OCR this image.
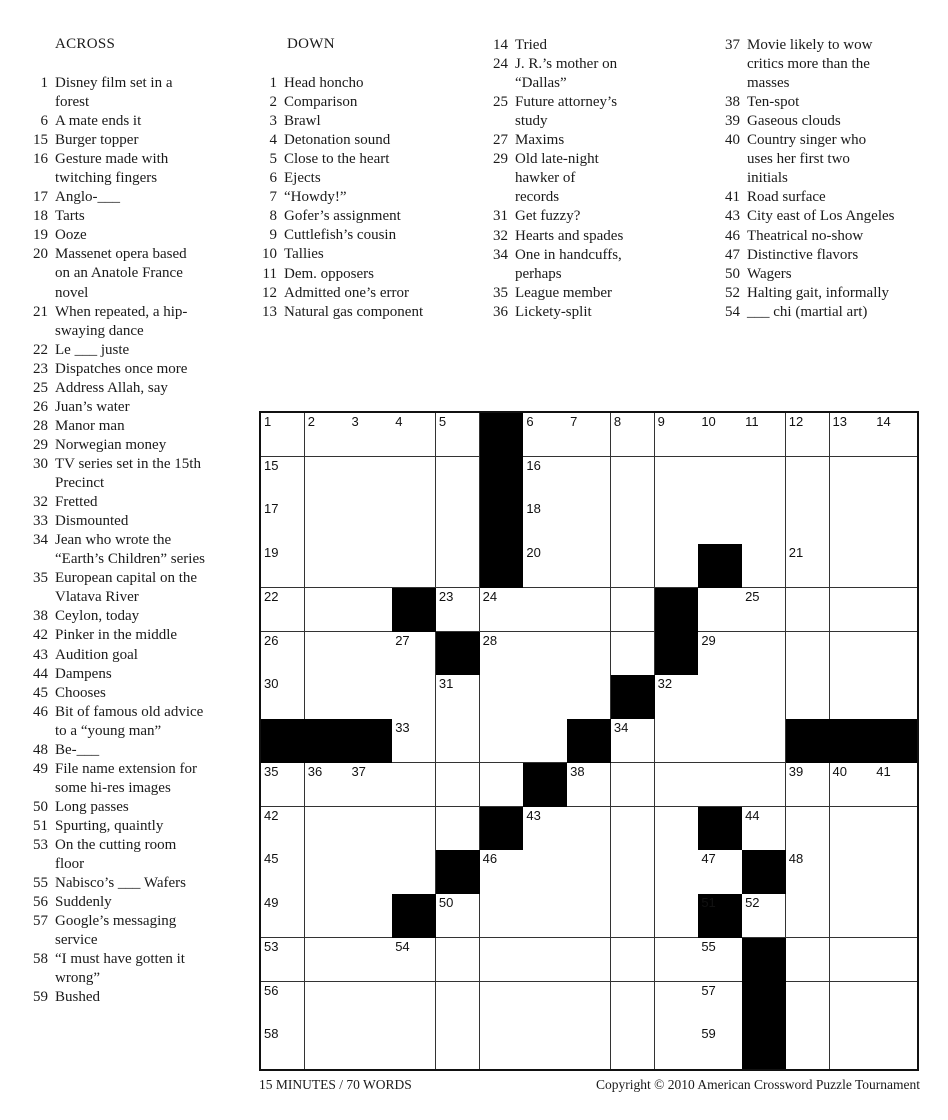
ACROSS	DOWN
1 Disney film set in a
forest
6 A mate ends it
15 Burger topper
16 Gesture made with
twitching fingers
17 Anglo-___
18 Tarts
19 Ooze
20 Massenet opera based
on an Anatole France
novel
21 When repeated, a hip-
swaying dance
22 Le ___ juste
23 Dispatches once more
25 Address Allah, say
26 Juan’s water
28 Manor man
29 Norwegian money
30 TV series set in the 15th
Precinct
32 Fretted
33 Dismounted
34 Jean who wrote the
“Earth’s Children” series
35 European capital on the
Vlatava River
38 Ceylon, today
42 Pinker in the middle
43 Audition goal
44 Dampens
45 Chooses
46 Bit of famous old advice
to a “young man”
48 Be-___
49 File name extension for
some hi-res images
50 Long passes
51 Spurting, quaintly
53 On the cutting room
floor
55 Nabisco’s ___ Wafers
56 Suddenly
57 Google’s messaging
service
58 “I must have gotten it
wrong”
59 Bushed
1 Head honcho
2 Comparison
3 Brawl
4 Detonation sound
5 Close to the heart
6 Ejects
7 “Howdy!”
8 Gofer’s assignment
9 Cuttlefish’s cousin
10 Tallies
11 Dem. opposers
12 Admitted one’s error
13 Natural gas component
14 Tried
24 J. R.’s mother on
“Dallas”
25 Future attorney’s
study
27 Maxims
29 Old late-night
hawker of
records
31 Get fuzzy?
32 Hearts and spades
34 One in handcuffs,
perhaps
35 League member
36 Lickety-split
37 Movie likely to wow
critics more than the
masses
38 Ten-spot
39 Gaseous clouds
40 Country singer who
uses her first two
initials
41 Road surface
43 City east of Los Angeles
46 Theatrical no-show
47 Distinctive flavors
50 Wagers
52 Halting gait, informally
54 ___ chi (martial art)
1	2	3	4	5	6	7	8	9	10 11 12 13 14
15	16
17	18
19	20	21
22	23 24	25
26	27	28	29
30	31	32
33	34
35 36 37	38	39 40 41
42	43	44
45	46	47	48
49	50	51 52
53	54	55
56	57
58	59
15 MINUTES / 70 WORDS	Copyright © 2010 American Crossword Puzzle Tournament
